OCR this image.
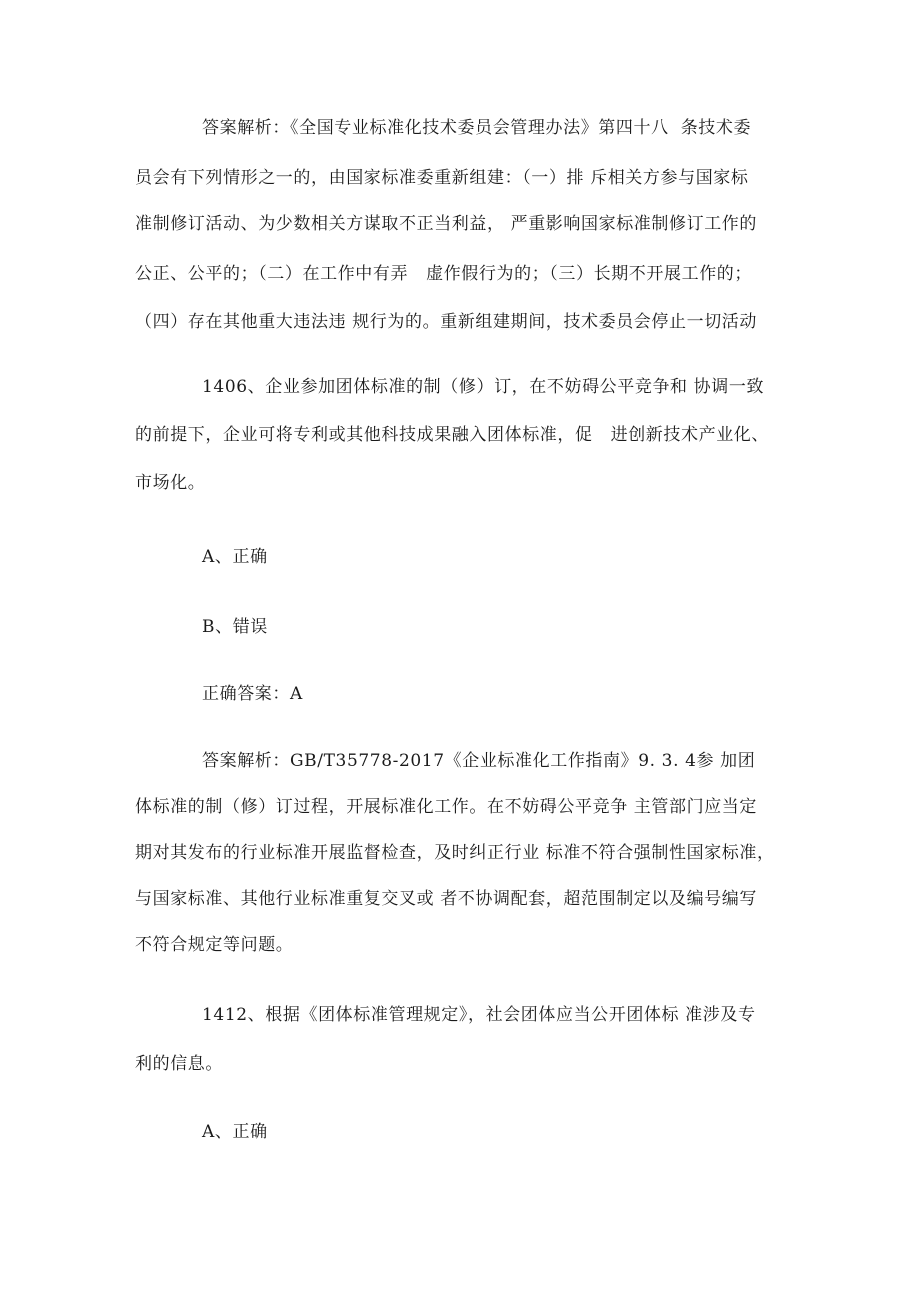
答案解析：《全国专业标准化技术委员会管理办法》第四十八  条技术委
员会有下列情形之一的，由国家标准委重新组建：（一）排 斥相关方参与国家标
准制修订活动、为少数相关方谋取不正当利益， 严重影响国家标准制修订工作的
公正、公平的；（二）在工作中有弄   虚作假行为的；（三）长期不开展工作的；
（四）存在其他重大违法违 规行为的。重新组建期间，技术委员会停止一切活动
1406、企业参加团体标准的制（修）订，在不妨碍公平竞争和 协调一致
的前提下，企业可将专利或其他科技成果融入团体标准，促   进创新技术产业化、
市场化。
A、正确
B、错误
正确答案：A
答案解析：GB/T35778-2017《企业标准化工作指南》9. 3. 4参 加团
体标准的制（修）订过程，开展标准化工作。在不妨碍公平竞争 主管部门应当定
期对其发布的行业标准开展监督检查，及时纠正行业 标准不符合强制性国家标准，
与国家标准、其他行业标准重复交叉或 者不协调配套，超范围制定以及编号编写
不符合规定等问题。
1412、根据《团体标准管理规定》，社会团体应当公开团体标 准涉及专
利的信息。
A、正确
